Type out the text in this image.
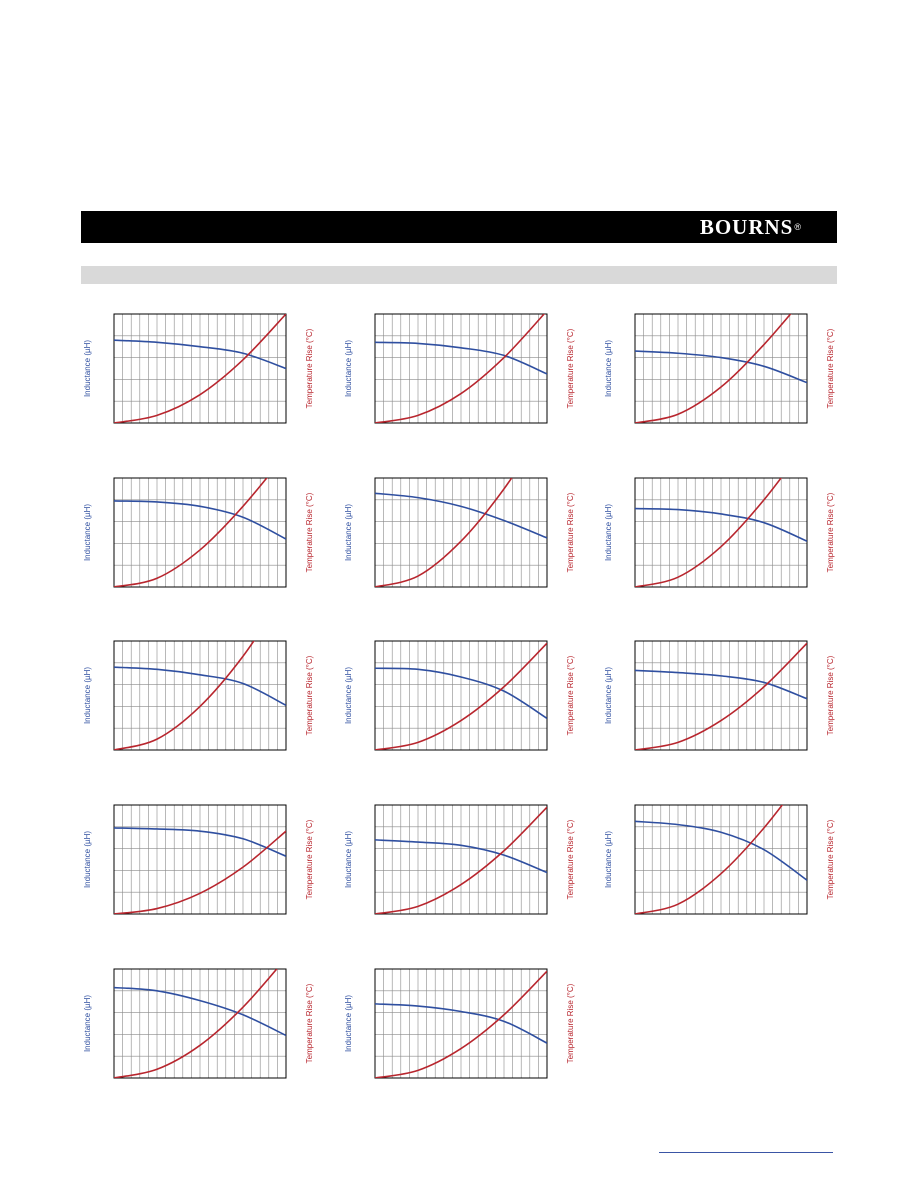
BOURNS ®
Inductance (µH)	Temperature Rise (°C)	Inductance (µH)	Temperature Rise (°C)	Inductance (µH)	Temperature Rise (°C)
Inductance (µH)	Temperature Rise (°C)	Inductance (µH)	Temperature Rise (°C)	Inductance (µH)	Temperature Rise (°C)
Inductance (µH)	Temperature Rise (°C)	Inductance (µH)	Temperature Rise (°C)	Inductance (µH)	Temperature Rise (°C)
Inductance (µH)	Temperature Rise (°C)	Inductance (µH)	Temperature Rise (°C)	Inductance (µH)	Temperature Rise (°C)
Inductance (µH)	Temperature Rise (°C)	Inductance (µH)	Temperature Rise (°C)
